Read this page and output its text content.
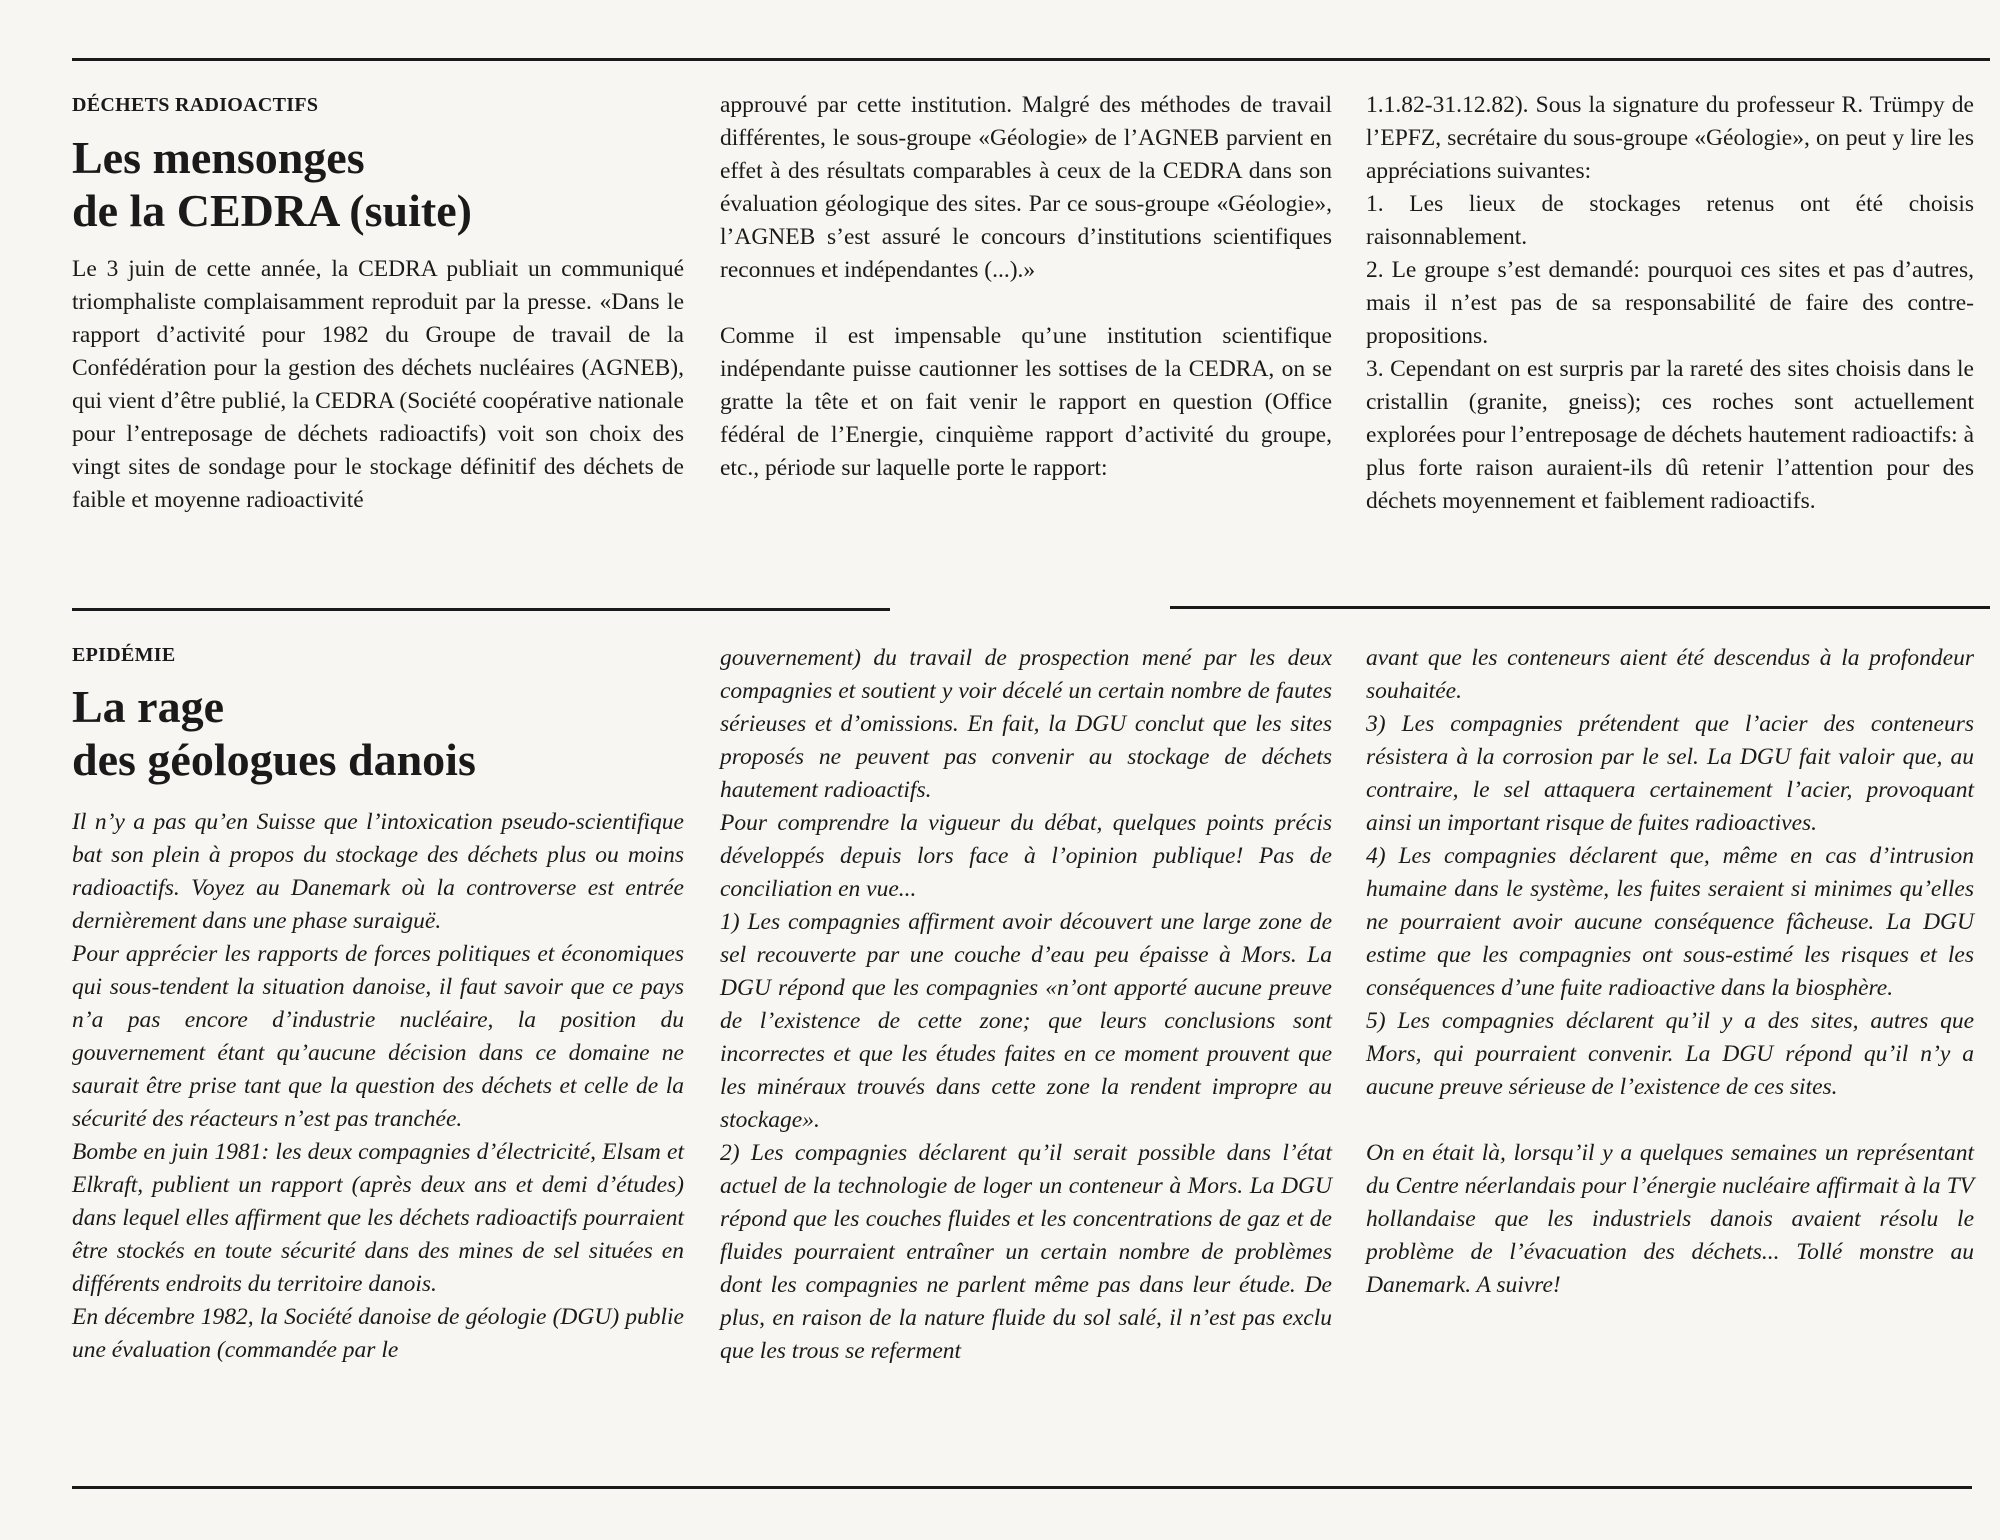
DÉCHETS RADIOACTIFS
Les mensonges
de la CEDRA (suite)

Le 3 juin de cette année, la CEDRA publiait un communiqué triomphaliste complaisamment reproduit par la presse. «Dans le rapport d’activité pour 1982 du Groupe de travail de la Confédération pour la gestion des déchets nucléaires (AGNEB), qui vient d’être publié, la CEDRA (Société coopérative nationale pour l’entreposage de déchets radioactifs) voit son choix des vingt sites de sondage pour le stockage définitif des déchets de faible et moyenne radioactivité

approuvé par cette institution. Malgré des méthodes de travail différentes, le sous-groupe «Géologie» de l’AGNEB parvient en effet à des résultats comparables à ceux de la CEDRA dans son évaluation géologique des sites. Par ce sous-groupe «Géologie», l’AGNEB s’est assuré le concours d’institutions scientifiques reconnues et indépendantes (...).»

Comme il est impensable qu’une institution scientifique indépendante puisse cautionner les sottises de la CEDRA, on se gratte la tête et on fait venir le rapport en question (Office fédéral de l’Energie, cinquième rapport d’activité du groupe, etc., période sur laquelle porte le rapport:

1.1.82-31.12.82). Sous la signature du professeur R. Trümpy de l’EPFZ, secrétaire du sous-groupe «Géologie», on peut y lire les appréciations suivantes:

1. Les lieux de stockages retenus ont été choisis raisonnablement.

2. Le groupe s’est demandé: pourquoi ces sites et pas d’autres, mais il n’est pas de sa responsabilité de faire des contre-propositions.

3. Cependant on est surpris par la rareté des sites choisis dans le cristallin (granite, gneiss); ces roches sont actuellement explorées pour l’entreposage de déchets hautement radioactifs: à plus forte raison auraient-ils dû retenir l’attention pour des déchets moyennement et faiblement radioactifs.

EPIDÉMIE
La rage
des géologues danois

Il n’y a pas qu’en Suisse que l’intoxication pseudo-scientifique bat son plein à propos du stockage des déchets plus ou moins radioactifs. Voyez au Danemark où la controverse est entrée dernièrement dans une phase suraiguë.

Pour apprécier les rapports de forces politiques et économiques qui sous-tendent la situation danoise, il faut savoir que ce pays n’a pas encore d’industrie nucléaire, la position du gouvernement étant qu’aucune décision dans ce domaine ne saurait être prise tant que la question des déchets et celle de la sécurité des réacteurs n’est pas tranchée.

Bombe en juin 1981: les deux compagnies d’électricité, Elsam et Elkraft, publient un rapport (après deux ans et demi d’études) dans lequel elles affirment que les déchets radioactifs pourraient être stockés en toute sécurité dans des mines de sel situées en différents endroits du territoire danois.

En décembre 1982, la Société danoise de géologie (DGU) publie une évaluation (commandée par le

gouvernement) du travail de prospection mené par les deux compagnies et soutient y voir décelé un certain nombre de fautes sérieuses et d’omissions. En fait, la DGU conclut que les sites proposés ne peuvent pas convenir au stockage de déchets hautement radioactifs.

Pour comprendre la vigueur du débat, quelques points précis développés depuis lors face à l’opinion publique! Pas de conciliation en vue...

1) Les compagnies affirment avoir découvert une large zone de sel recouverte par une couche d’eau peu épaisse à Mors. La DGU répond que les compagnies «n’ont apporté aucune preuve de l’existence de cette zone; que leurs conclusions sont incorrectes et que les études faites en ce moment prouvent que les minéraux trouvés dans cette zone la rendent impropre au stockage».

2) Les compagnies déclarent qu’il serait possible dans l’état actuel de la technologie de loger un conteneur à Mors. La DGU répond que les couches fluides et les concentrations de gaz et de fluides pourraient entraîner un certain nombre de problèmes dont les compagnies ne parlent même pas dans leur étude. De plus, en raison de la nature fluide du sol salé, il n’est pas exclu que les trous se referment

avant que les conteneurs aient été descendus à la profondeur souhaitée.

3) Les compagnies prétendent que l’acier des conteneurs résistera à la corrosion par le sel. La DGU fait valoir que, au contraire, le sel attaquera certainement l’acier, provoquant ainsi un important risque de fuites radioactives.

4) Les compagnies déclarent que, même en cas d’intrusion humaine dans le système, les fuites seraient si minimes qu’elles ne pourraient avoir aucune conséquence fâcheuse. La DGU estime que les compagnies ont sous-estimé les risques et les conséquences d’une fuite radioactive dans la biosphère.

5) Les compagnies déclarent qu’il y a des sites, autres que Mors, qui pourraient convenir. La DGU répond qu’il n’y a aucune preuve sérieuse de l’existence de ces sites.

On en était là, lorsqu’il y a quelques semaines un représentant du Centre néerlandais pour l’énergie nucléaire affirmait à la TV hollandaise que les industriels danois avaient résolu le problème de l’évacuation des déchets... Tollé monstre au Danemark. A suivre!
